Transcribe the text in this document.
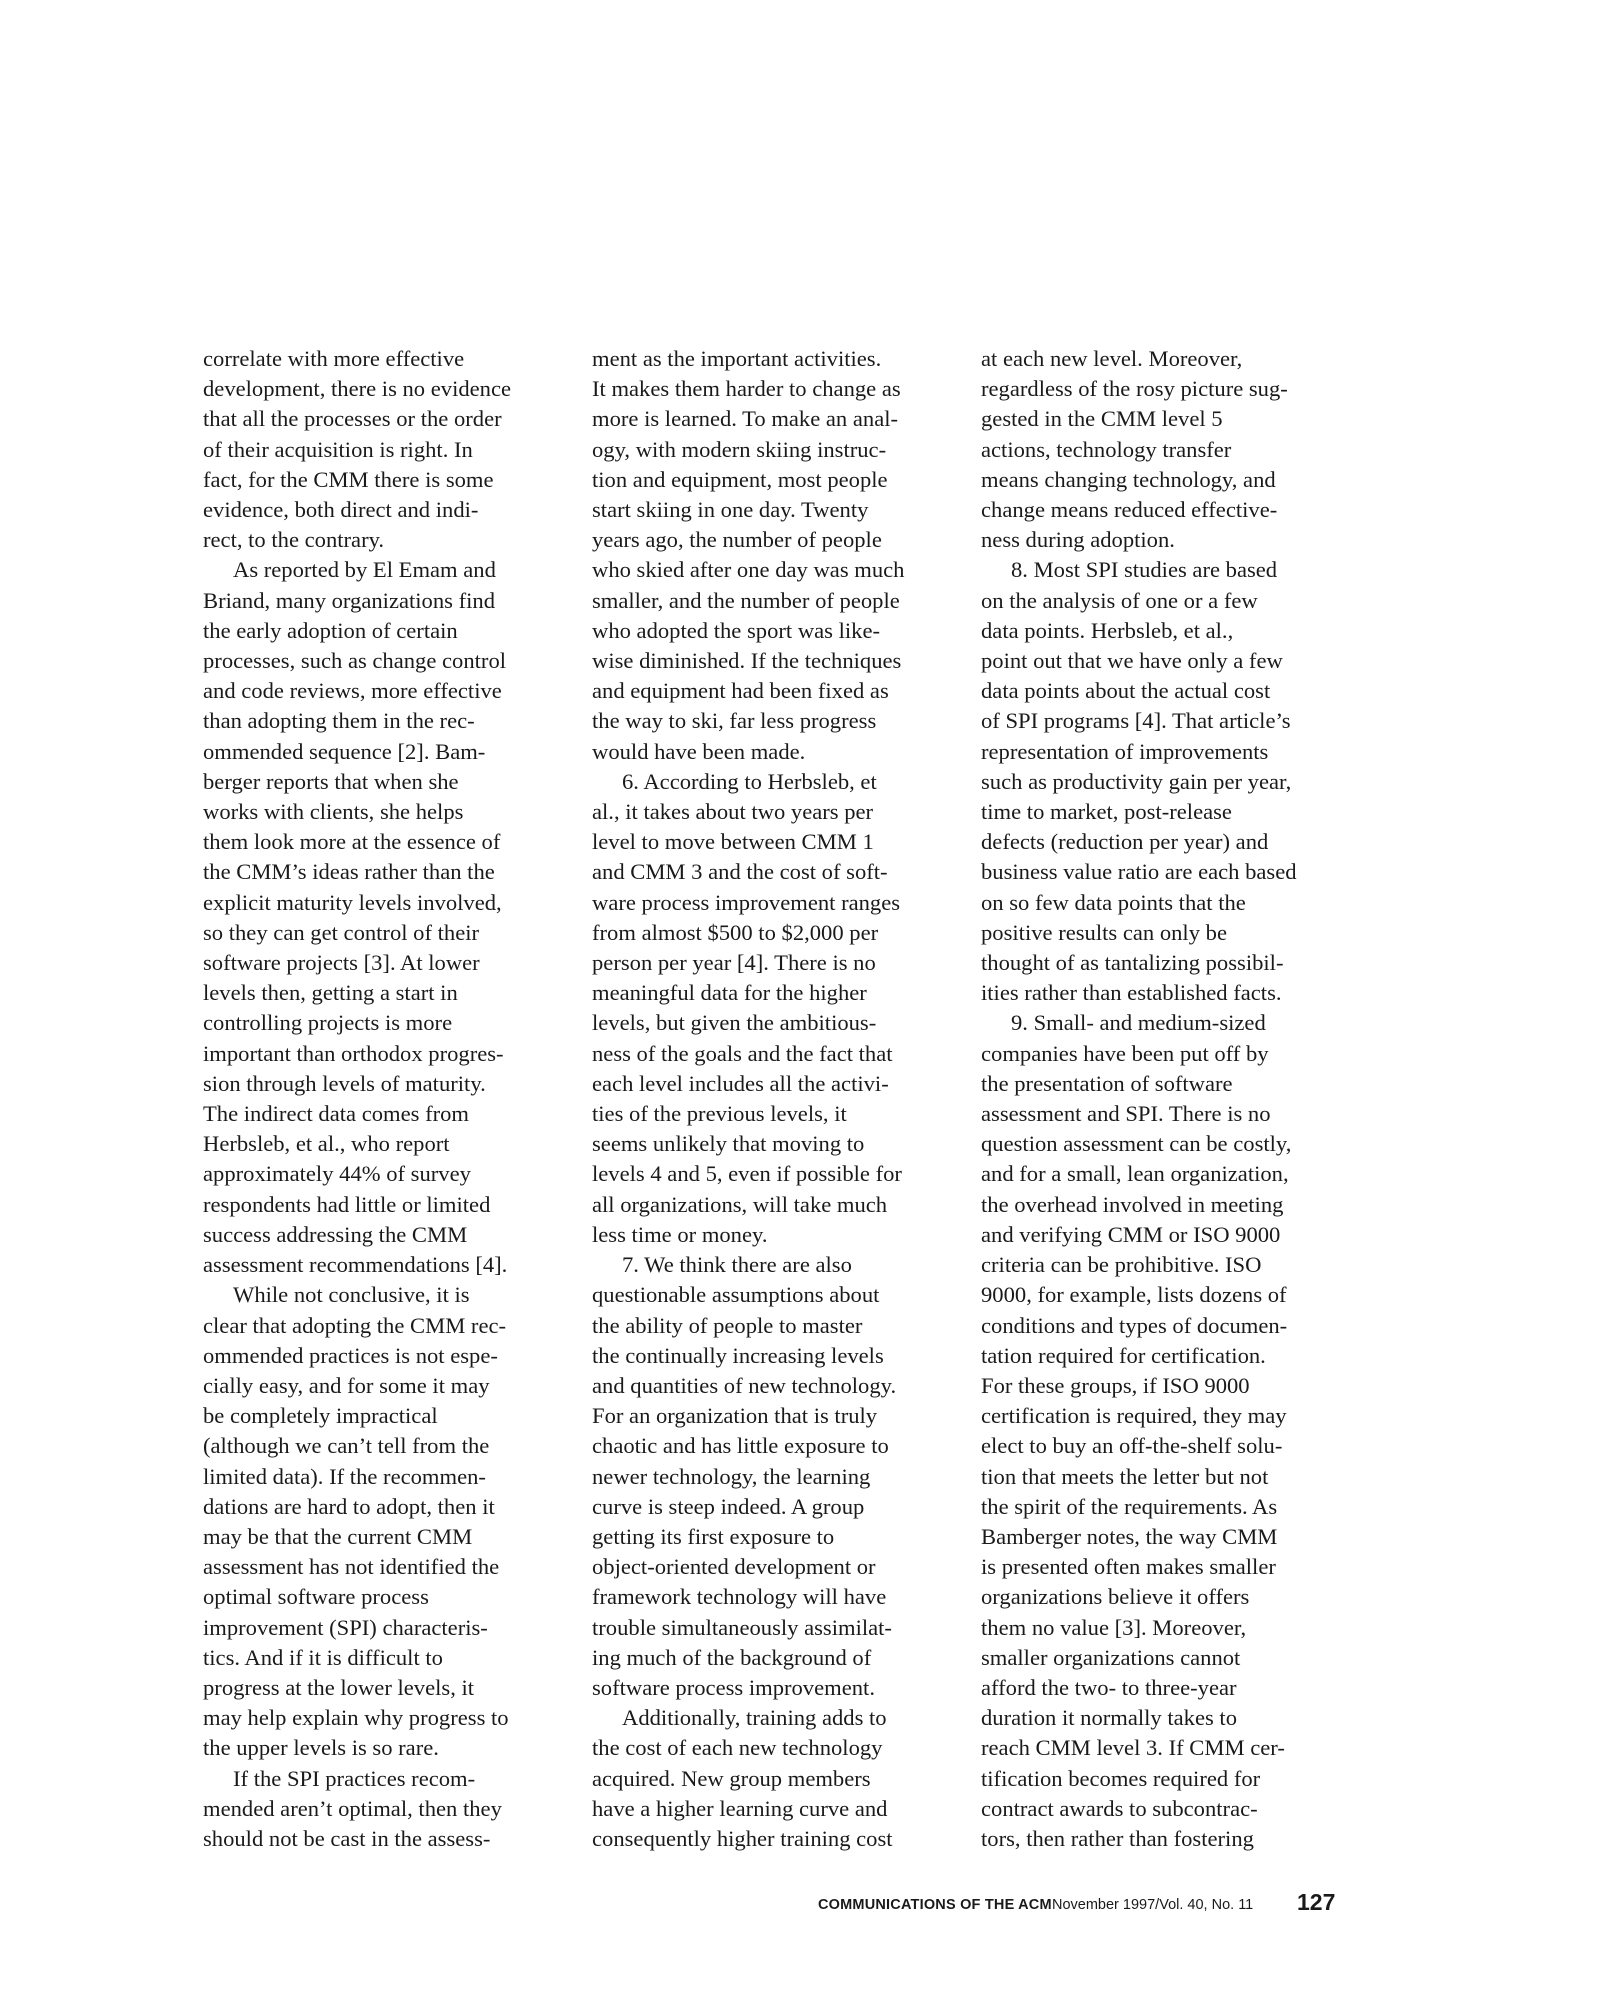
correlate with more effective
development, there is no evidence
that all the processes or the order
of their acquisition is right. In
fact, for the CMM there is some
evidence, both direct and indi-
rect, to the contrary.
As reported by El Emam and
Briand, many organizations find
the early adoption of certain
processes, such as change control
and code reviews, more effective
than adopting them in the rec-
ommended sequence [2]. Bam-
berger reports that when she
works with clients, she helps
them look more at the essence of
the CMM’s ideas rather than the
explicit maturity levels involved,
so they can get control of their
software projects [3]. At lower
levels then, getting a start in
controlling projects is more
important than orthodox progres-
sion through levels of maturity.
The indirect data comes from
Herbsleb, et al., who report
approximately 44% of survey
respondents had little or limited
success addressing the CMM
assessment recommendations [4].
While not conclusive, it is
clear that adopting the CMM rec-
ommended practices is not espe-
cially easy, and for some it may
be completely impractical
(although we can’t tell from the
limited data). If the recommen-
dations are hard to adopt, then it
may be that the current CMM
assessment has not identified the
optimal software process
improvement (SPI) characteris-
tics. And if it is difficult to
progress at the lower levels, it
may help explain why progress to
the upper levels is so rare.
If the SPI practices recom-
mended aren’t optimal, then they
should not be cast in the assess-
ment as the important activities.
It makes them harder to change as
more is learned. To make an anal-
ogy, with modern skiing instruc-
tion and equipment, most people
start skiing in one day. Twenty
years ago, the number of people
who skied after one day was much
smaller, and the number of people
who adopted the sport was like-
wise diminished. If the techniques
and equipment had been fixed as
the way to ski, far less progress
would have been made.
6. According to Herbsleb, et
al., it takes about two years per
level to move between CMM 1
and CMM 3 and the cost of soft-
ware process improvement ranges
from almost $500 to $2,000 per
person per year [4]. There is no
meaningful data for the higher
levels, but given the ambitious-
ness of the goals and the fact that
each level includes all the activi-
ties of the previous levels, it
seems unlikely that moving to
levels 4 and 5, even if possible for
all organizations, will take much
less time or money.
7. We think there are also
questionable assumptions about
the ability of people to master
the continually increasing levels
and quantities of new technology.
For an organization that is truly
chaotic and has little exposure to
newer technology, the learning
curve is steep indeed. A group
getting its first exposure to
object-oriented development or
framework technology will have
trouble simultaneously assimilat-
ing much of the background of
software process improvement.
Additionally, training adds to
the cost of each new technology
acquired. New group members
have a higher learning curve and
consequently higher training cost
at each new level. Moreover,
regardless of the rosy picture sug-
gested in the CMM level 5
actions, technology transfer
means changing technology, and
change means reduced effective-
ness during adoption.
8. Most SPI studies are based
on the analysis of one or a few
data points. Herbsleb, et al.,
point out that we have only a few
data points about the actual cost
of SPI programs [4]. That article’s
representation of improvements
such as productivity gain per year,
time to market, post-release
defects (reduction per year) and
business value ratio are each based
on so few data points that the
positive results can only be
thought of as tantalizing possibil-
ities rather than established facts.
9. Small- and medium-sized
companies have been put off by
the presentation of software
assessment and SPI. There is no
question assessment can be costly,
and for a small, lean organization,
the overhead involved in meeting
and verifying CMM or ISO 9000
criteria can be prohibitive. ISO
9000, for example, lists dozens of
conditions and types of documen-
tation required for certification.
For these groups, if ISO 9000
certification is required, they may
elect to buy an off-the-shelf solu-
tion that meets the letter but not
the spirit of the requirements. As
Bamberger notes, the way CMM
is presented often makes smaller
organizations believe it offers
them no value [3]. Moreover,
smaller organizations cannot
afford the two- to three-year
duration it normally takes to
reach CMM level 3. If CMM cer-
tification becomes required for
contract awards to subcontrac-
tors, then rather than fostering
COMMUNICATIONS OF THE ACM November 1997/Vol. 40, No. 11 127
